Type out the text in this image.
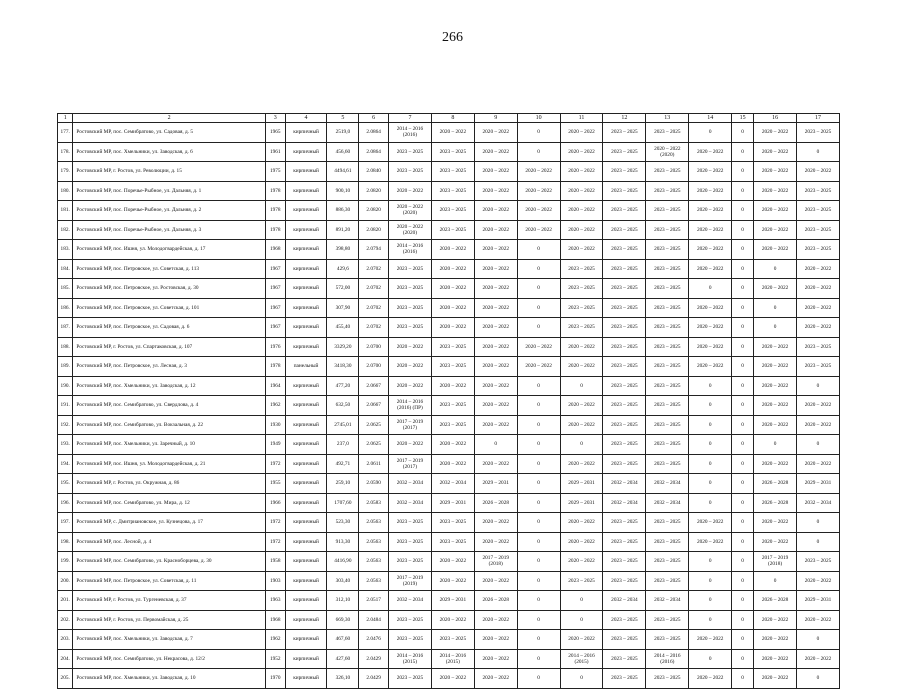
266
1	2	3	4	5	6	7	8	9	10	11	12	13	14	15	16	17
177.	Ростовский МР, пос. Семибратово, ул. Садовая, д. 5	1965	кирпичный	2519,0	2.0864	2014 – 2016 (2016)	2020 – 2022	2020 – 2022	0	2020 – 2022	2023 – 2025	2023 – 2025	0	0	2020 – 2022	2023 – 2025
178.	Ростовский МР, пос. Хмельники, ул. Заводская, д. 6	1961	кирпичный	456,60	2.0864	2023 – 2025	2023 – 2025	2020 – 2022	0	2020 – 2022	2023 – 2025	2020 – 2022 (2020)	2020 – 2022	0	2020 – 2022	0
179.	Ростовский МР, г. Ростов, ул. Революции, д. 15	1975	кирпичный	4494,61	2.0840	2023 – 2025	2023 – 2025	2020 – 2022	2020 – 2022	2020 – 2022	2023 – 2025	2023 – 2025	2020 – 2022	0	2020 – 2022	2020 – 2022
180.	Ростовский МР, пос. Поречье-Рыбное, ул. Дальняя, д. 1	1978	кирпичный	900,10	2.0820	2020 – 2022	2023 – 2025	2020 – 2022	2020 – 2022	2020 – 2022	2023 – 2025	2023 – 2025	2020 – 2022	0	2020 – 2022	2023 – 2025
181.	Ростовский МР, пос. Поречье-Рыбное, ул. Дальняя, д. 2	1978	кирпичный	886,30	2.0820	2020 – 2022 (2020)	2023 – 2025	2020 – 2022	2020 – 2022	2020 – 2022	2023 – 2025	2023 – 2025	2020 – 2022	0	2020 – 2022	2023 – 2025
182.	Ростовский МР, пос. Поречье-Рыбное, ул. Дальняя, д. 3	1978	кирпичный	891,20	2.0820	2020 – 2022 (2020)	2023 – 2025	2020 – 2022	2020 – 2022	2020 – 2022	2023 – 2025	2023 – 2025	2020 – 2022	0	2020 – 2022	2023 – 2025
183.	Ростовский МР, пос. Ишня, ул. Молодогвардейская, д. 17	1968	кирпичный	398,80	2.0794	2014 – 2016 (2016)	2020 – 2022	2020 – 2022	0	2020 – 2022	2023 – 2025	2023 – 2025	2020 – 2022	0	2020 – 2022	2023 – 2025
184.	Ростовский МР, пос. Петровское, ул. Советская, д. 113	1967	кирпичный	429,6	2.0702	2023 – 2025	2020 – 2022	2020 – 2022	0	2023 – 2025	2023 – 2025	2023 – 2025	2020 – 2022	0	0	2020 – 2022
185.	Ростовский МР, пос. Петровское, ул. Ростовская, д. 30	1967	кирпичный	572,00	2.0702	2023 – 2025	2020 – 2022	2020 – 2022	0	2023 – 2025	2023 – 2025	2023 – 2025	0	0	2020 – 2022	2020 – 2022
186.	Ростовский МР, пос. Петровское, ул. Советская, д. 101	1967	кирпичный	307,90	2.0702	2023 – 2025	2020 – 2022	2020 – 2022	0	2023 – 2025	2023 – 2025	2023 – 2025	2020 – 2022	0	0	2020 – 2022
187.	Ростовский МР, пос. Петровское, ул. Садовая, д. 6	1967	кирпичный	455,40	2.0702	2023 – 2025	2020 – 2022	2020 – 2022	0	2023 – 2025	2023 – 2025	2023 – 2025	2020 – 2022	0	0	2020 – 2022
188.	Ростовский МР, г. Ростов, ул. Спартаковская, д. 107	1976	кирпичный	3329,20	2.0700	2020 – 2022	2023 – 2025	2020 – 2022	2020 – 2022	2020 – 2022	2023 – 2025	2023 – 2025	2020 – 2022	0	2020 – 2022	2023 – 2025
189.	Ростовский МР, пос. Петровское, ул. Лесная, д. 3	1978	панельный	3418,30	2.0700	2020 – 2022	2023 – 2025	2020 – 2022	2020 – 2022	2020 – 2022	2023 – 2025	2023 – 2025	2020 – 2022	0	2020 – 2022	2023 – 2025
190.	Ростовский МР, пос. Хмельники, ул. Заводская, д. 12	1964	кирпичный	477,20	2.0667	2020 – 2022	2020 – 2022	2020 – 2022	0	0	2023 – 2025	2023 – 2025	0	0	2020 – 2022	0
191.	Ростовский МР, пос. Семибратово, ул. Свердлова, д. 4	1962	кирпичный	632,50	2.0667	2014 – 2016 (2016) (ПР)	2023 – 2025	2020 – 2022	0	2020 – 2022	2023 – 2025	2023 – 2025	0	0	2020 – 2022	2020 – 2022
192.	Ростовский МР, пос. Семибратово, ул. Вокзальная, д. 22	1930	кирпичный	2745,01	2.0625	2017 – 2019 (2017)	2023 – 2025	2020 – 2022	0	2020 – 2022	2023 – 2025	2023 – 2025	0	0	2020 – 2022	2020 – 2022
193.	Ростовский МР, пос. Хмельники, ул. Заречный, д. 10	1949	кирпичный	237,0	2.0625	2020 – 2022	2020 – 2022	0	0	0	2023 – 2025	2023 – 2025	0	0	0	0
194.	Ростовский МР, пос. Ишня, ул. Молодогвардейская, д. 21	1972	кирпичный	492,71	2.0611	2017 – 2019 (2017)	2020 – 2022	2020 – 2022	0	2020 – 2022	2023 – 2025	2023 – 2025	0	0	2020 – 2022	2020 – 2022
195.	Ростовский МР, г. Ростов, ул. Окружная, д. 86	1955	кирпичный	259,10	2.0590	2032 – 2034	2032 – 2034	2029 – 2031	0	2029 – 2031	2032 – 2034	2032 – 2034	0	0	2026 – 2028	2029 – 2031
196.	Ростовский МР, пос. Семибратово, ул. Мира, д. 12	1966	кирпичный	1707,60	2.0583	2032 – 2034	2029 – 2031	2026 – 2028	0	2029 – 2031	2032 – 2034	2032 – 2034	0	0	2026 – 2028	2032 – 2034
197.	Ростовский МР, с. Дмитриановское, ул. Кузнецова, д. 17	1972	кирпичный	523,30	2.0563	2023 – 2025	2023 – 2025	2020 – 2022	0	2020 – 2022	2023 – 2025	2023 – 2025	2020 – 2022	0	2020 – 2022	0
198.	Ростовский МР, пос. Лесной, д. 4	1972	кирпичный	913,30	2.0563	2023 – 2025	2023 – 2025	2020 – 2022	0	2020 – 2022	2023 – 2025	2023 – 2025	2020 – 2022	0	2020 – 2022	0
199.	Ростовский МР, пос. Семибратово, ул. Красноборцева, д. 30	1958	кирпичный	4416,90	2.0563	2023 – 2025	2020 – 2022	2017 – 2019 (2018)	0	2020 – 2022	2023 – 2025	2023 – 2025	0	0	2017 – 2019 (2018)	2023 – 2025
200.	Ростовский МР, пос. Петровское, ул. Советская, д. 11	1903	кирпичный	303,40	2.0563	2017 – 2019 (2019)	2020 – 2022	2020 – 2022	0	2023 – 2025	2023 – 2025	2023 – 2025	0	0	0	2020 – 2022
201.	Ростовский МР, г. Ростов, ул. Тургеневская, д. 37	1963	кирпичный	312,10	2.0517	2032 – 2034	2029 – 2031	2026 – 2028	0	0	2032 – 2034	2032 – 2034	0	0	2026 – 2028	2029 – 2031
202.	Ростовский МР, г. Ростов, ул. Первомайская, д. 25	1968	кирпичный	669,30	2.0484	2023 – 2025	2020 – 2022	2020 – 2022	0	0	2023 – 2025	2023 – 2025	0	0	2020 – 2022	2020 – 2022
203.	Ростовский МР, пос. Хмельники, ул. Заводская, д. 7	1962	кирпичный	467,60	2.0476	2023 – 2025	2023 – 2025	2020 – 2022	0	2020 – 2022	2023 – 2025	2023 – 2025	2020 – 2022	0	2020 – 2022	0
204.	Ростовский МР, пос. Семибратово, ул. Некрасова, д. 12/2	1952	кирпичный	427,60	2.0429	2014 – 2016 (2015)	2014 – 2016 (2015)	2020 – 2022	0	2014 – 2016 (2015)	2023 – 2025	2014 – 2016 (2016)	0	0	2020 – 2022	2020 – 2022
205.	Ростовский МР, пос. Хмельники, ул. Заводская, д. 10	1970	кирпичный	326,10	2.0429	2023 – 2025	2020 – 2022	2020 – 2022	0	0	2023 – 2025	2023 – 2025	2020 – 2022	0	2020 – 2022	0
